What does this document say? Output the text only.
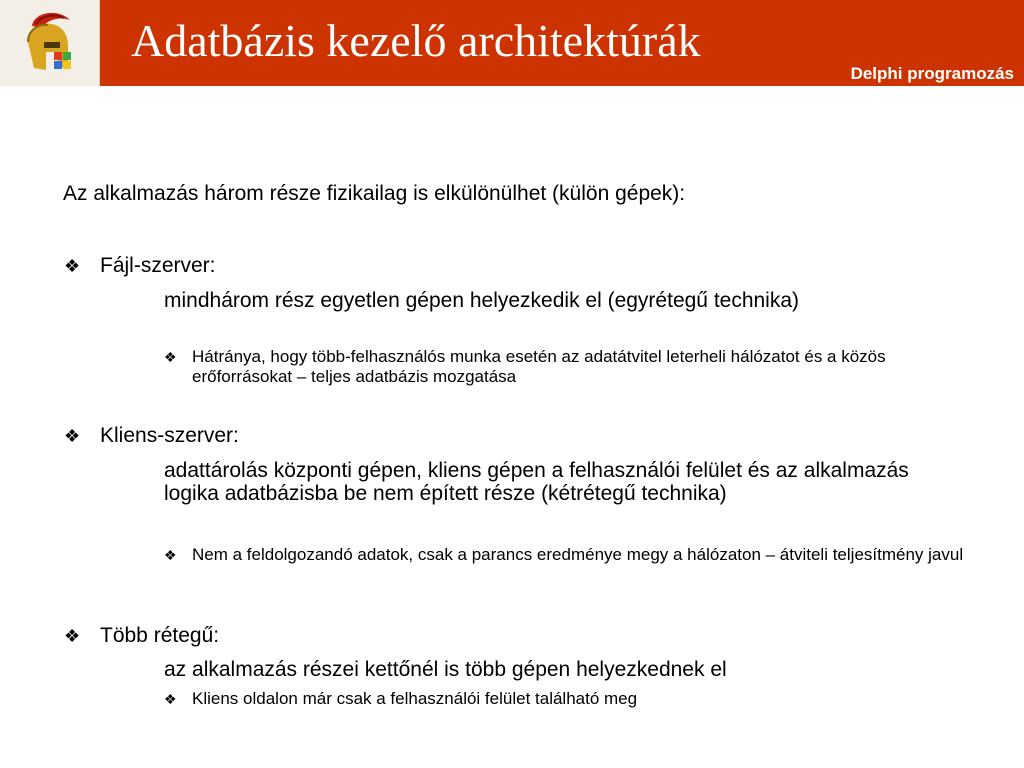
Adatbázis kezelő architektúrák

Delphi programozás

Az alkalmazás három része fizikailag is elkülönülhet (külön gépek):

❖ Fájl-szerver:

mindhárom rész egyetlen gépen helyezkedik el (egyrétegű technika)

❖ Hátránya, hogy több-felhasználós munka esetén az adatátvitel leterheli hálózatot és a közös erőforrásokat – teljes adatbázis mozgatása

❖ Kliens-szerver:

adattárolás központi gépen, kliens gépen a felhasználói felület és az alkalmazás logika adatbázisba be nem épített része (kétrétegű technika)

❖ Nem a feldolgozandó adatok, csak a parancs eredménye megy a hálózaton – átviteli teljesítmény javul

❖ Több rétegű:

az alkalmazás részei kettőnél is több gépen helyezkednek el

❖ Kliens oldalon már csak a felhasználói felület található meg
